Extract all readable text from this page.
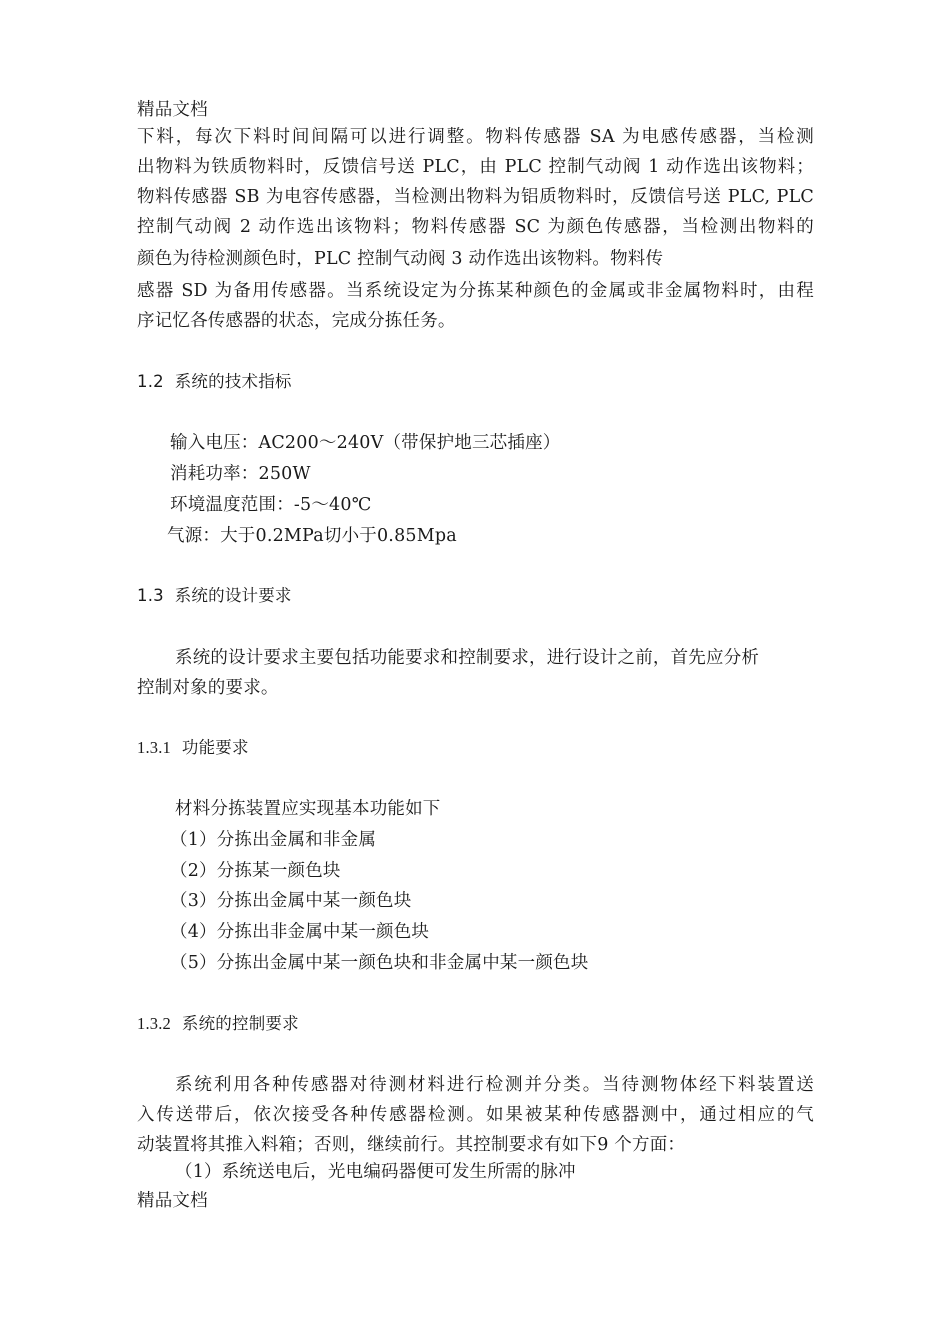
精品文档
下料，每次下料时间间隔可以进行调整。物料传感器 SA 为电感传感器，当检测
出物料为铁质物料时，反馈信号送 PLC，由 PLC 控制气动阀 1 动作选出该物料；
物料传感器 SB 为电容传感器，当检测出物料为铝质物料时，反馈信号送 PLC, PLC
控制气动阀 2 动作选出该物料；物料传感器 SC 为颜色传感器，当检测出物料的
颜色为待检测颜色时，PLC 控制气动阀 3 动作选出该物料。物料传
感器 SD 为备用传感器。当系统设定为分拣某种颜色的金属或非金属物料时，由程
序记忆各传感器的状态，完成分拣任务。
1.2 系统的技术指标
输入电压：AC200～240V（带保护地三芯插座）
消耗功率：250W
环境温度范围：-5～40℃
气源：大于0.2MPa切小于0.85Mpa
1.3 系统的设计要求
系统的设计要求主要包括功能要求和控制要求，进行设计之前，首先应分析
控制对象的要求。
1.3.1 功能要求
材料分拣装置应实现基本功能如下
（1）分拣出金属和非金属
（2）分拣某一颜色块
（3）分拣出金属中某一颜色块
（4）分拣出非金属中某一颜色块
（5）分拣出金属中某一颜色块和非金属中某一颜色块
1.3.2 系统的控制要求
系统利用各种传感器对待测材料进行检测并分类。当待测物体经下料装置送
入传送带后，依次接受各种传感器检测。如果被某种传感器测中，通过相应的气
动装置将其推入料箱；否则，继续前行。其控制要求有如下9 个方面：
（1）系统送电后，光电编码器便可发生所需的脉冲
精品文档
